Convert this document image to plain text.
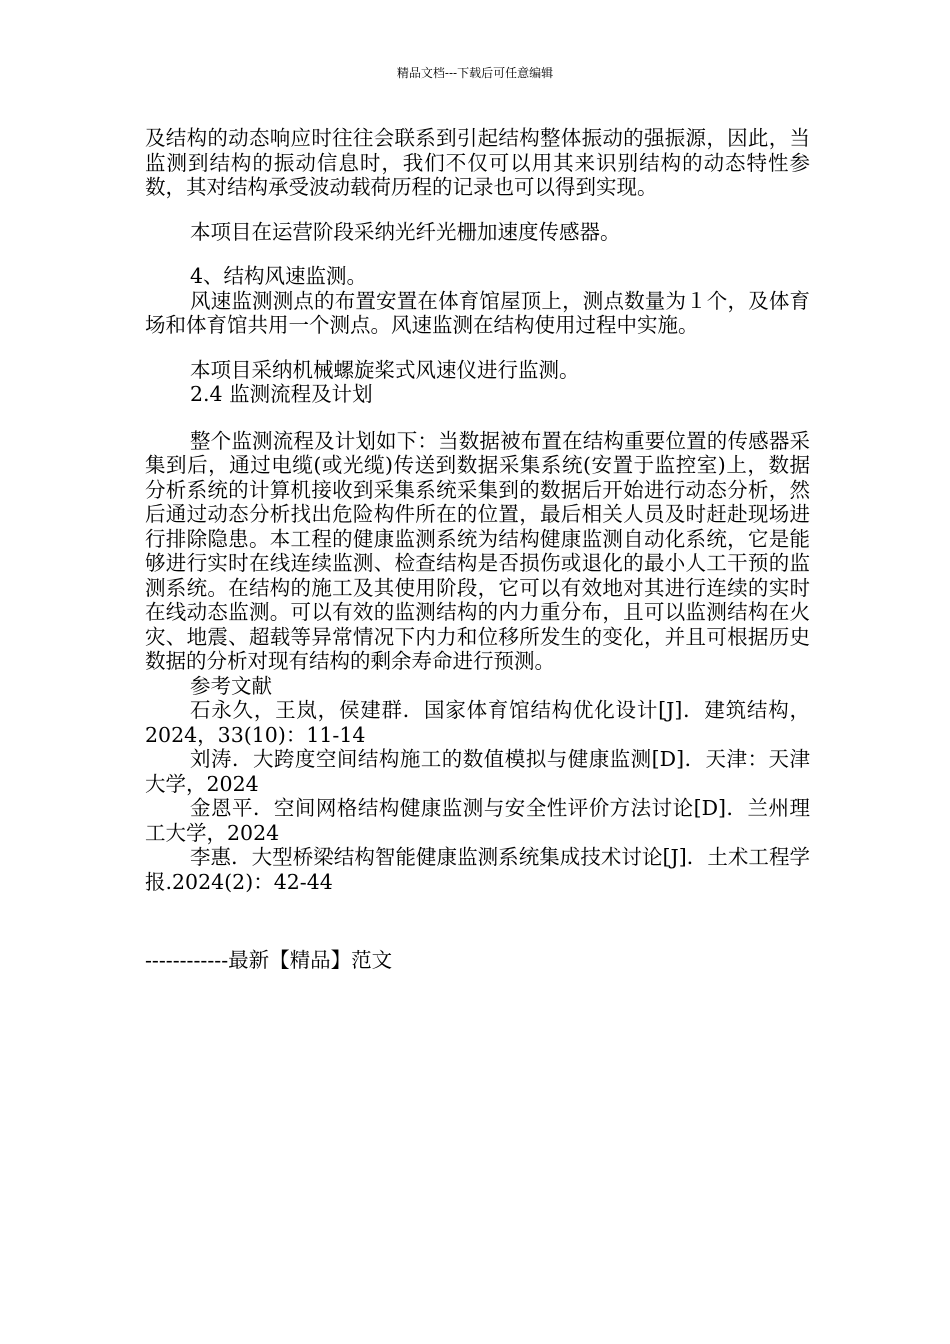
精品文档---下载后可任意编辑

及结构的动态响应时往往会联系到引起结构整体振动的强振源，因此，当监测到结构的振动信息时，我们不仅可以用其来识别结构的动态特性参数，其对结构承受波动载荷历程的记录也可以得到实现。

本项目在运营阶段采纳光纤光栅加速度传感器。

4、结构风速监测。

风速监测测点的布置安置在体育馆屋顶上，测点数量为１个，及体育场和体育馆共用一个测点。风速监测在结构使用过程中实施。

本项目采纳机械螺旋桨式风速仪进行监测。

2.4 监测流程及计划

整个监测流程及计划如下：当数据被布置在结构重要位置的传感器采集到后，通过电缆(或光缆)传送到数据采集系统(安置于监控室)上，数据分析系统的计算机接收到采集系统采集到的数据后开始进行动态分析，然后通过动态分析找出危险构件所在的位置，最后相关人员及时赶赴现场进行排除隐患。本工程的健康监测系统为结构健康监测自动化系统，它是能够进行实时在线连续监测、检查结构是否损伤或退化的最小人工干预的监测系统。在结构的施工及其使用阶段，它可以有效地对其进行连续的实时在线动态监测。可以有效的监测结构的内力重分布，且可以监测结构在火灾、地震、超载等异常情况下内力和位移所发生的变化，并且可根据历史数据的分析对现有结构的剩余寿命进行预测。

参考文献

石永久，王岚，侯建群．国家体育馆结构优化设计[J]．建筑结构，2024，33(10)：11-14

刘涛．大跨度空间结构施工的数值模拟与健康监测[D]．天津：天津大学，2024

金恩平．空间网格结构健康监测与安全性评价方法讨论[D]．兰州理工大学，2024

李惠．大型桥梁结构智能健康监测系统集成技术讨论[J]．土术工程学报.2024(2)：42-44

------------最新【精品】范文
